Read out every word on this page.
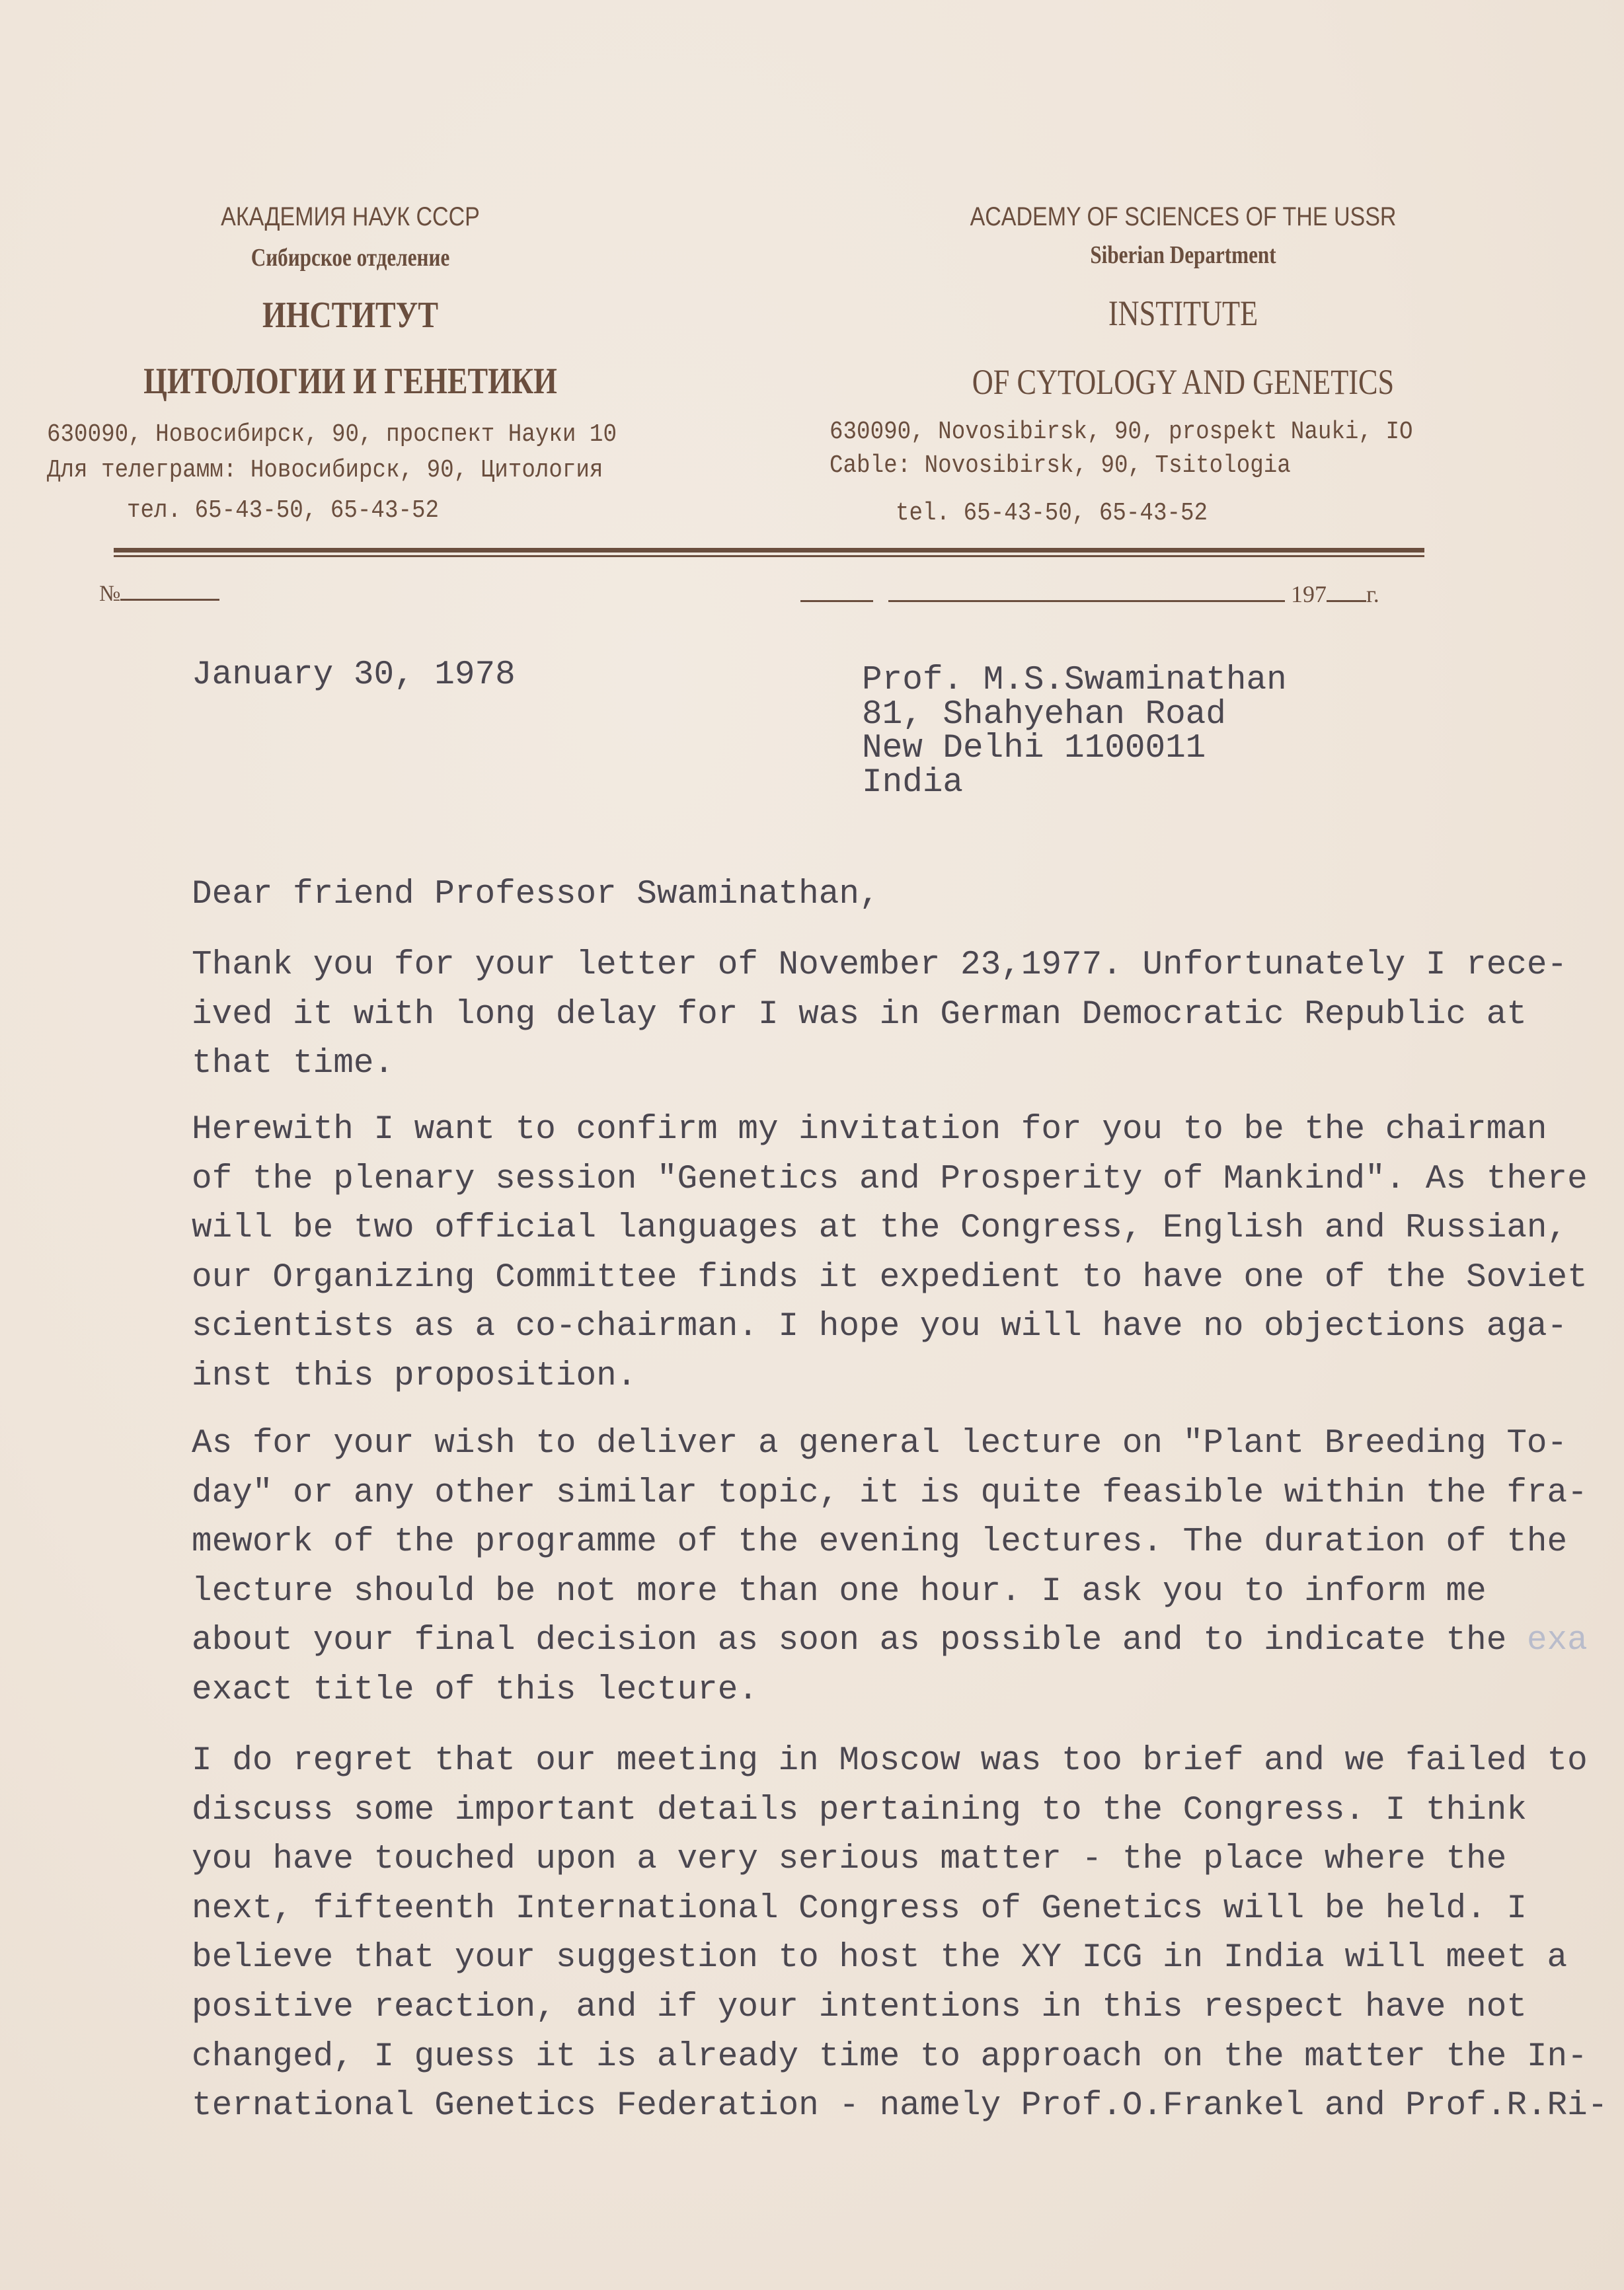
АКАДЕМИЯ НАУК СССР
Сибирское отделение
ИНСТИТУТ
ЦИТОЛОГИИ И ГЕНЕТИКИ
630090, Новосибирск, 90, проспект Науки 10
Для телеграмм: Новосибирск, 90, Цитология
тел. 65-43-50, 65-43-52
ACADEMY OF SCIENCES OF THE USSR
Siberian Department
INSTITUTE
OF CYTOLOGY AND GENETICS
630090, Novosibirsk, 90, prospekt Nauki, IO
Cable: Novosibirsk, 90, Tsitologia
tel. 65-43-50, 65-43-52
№	197 г.
January 30, 1978	Prof. M.S.Swaminathan
81, Shahyehan Road
New Delhi 1100011
India
Dear friend Professor Swaminathan,
Thank you for your letter of November 23,1977. Unfortunately I rece-
ived it with long delay for I was in German Democratic Republic at
that time.
Herewith I want to confirm my invitation for you to be the chairman
of the plenary session "Genetics and Prosperity of Mankind". As there
will be two official languages at the Congress, English and Russian,
our Organizing Committee finds it expedient to have one of the Soviet
scientists as a co-chairman. I hope you will have no objections aga-
inst this proposition.
As for your wish to deliver a general lecture on "Plant Breeding To-
day" or any other similar topic, it is quite feasible within the fra-
mework of the programme of the evening lectures. The duration of the
lecture should be not more than one hour. I ask you to inform me
about your final decision as soon as possible and to indicate the exa
exact title of this lecture.
I do regret that our meeting in Moscow was too brief and we failed to
discuss some important details pertaining to the Congress. I think
you have touched upon a very serious matter - the place where the
next, fifteenth International Congress of Genetics will be held. I
believe that your suggestion to host the XY ICG in India will meet a
positive reaction, and if your intentions in this respect have not
changed, I guess it is already time to approach on the matter the In-
ternational Genetics Federation - namely Prof.O.Frankel and Prof.R.Ri-
